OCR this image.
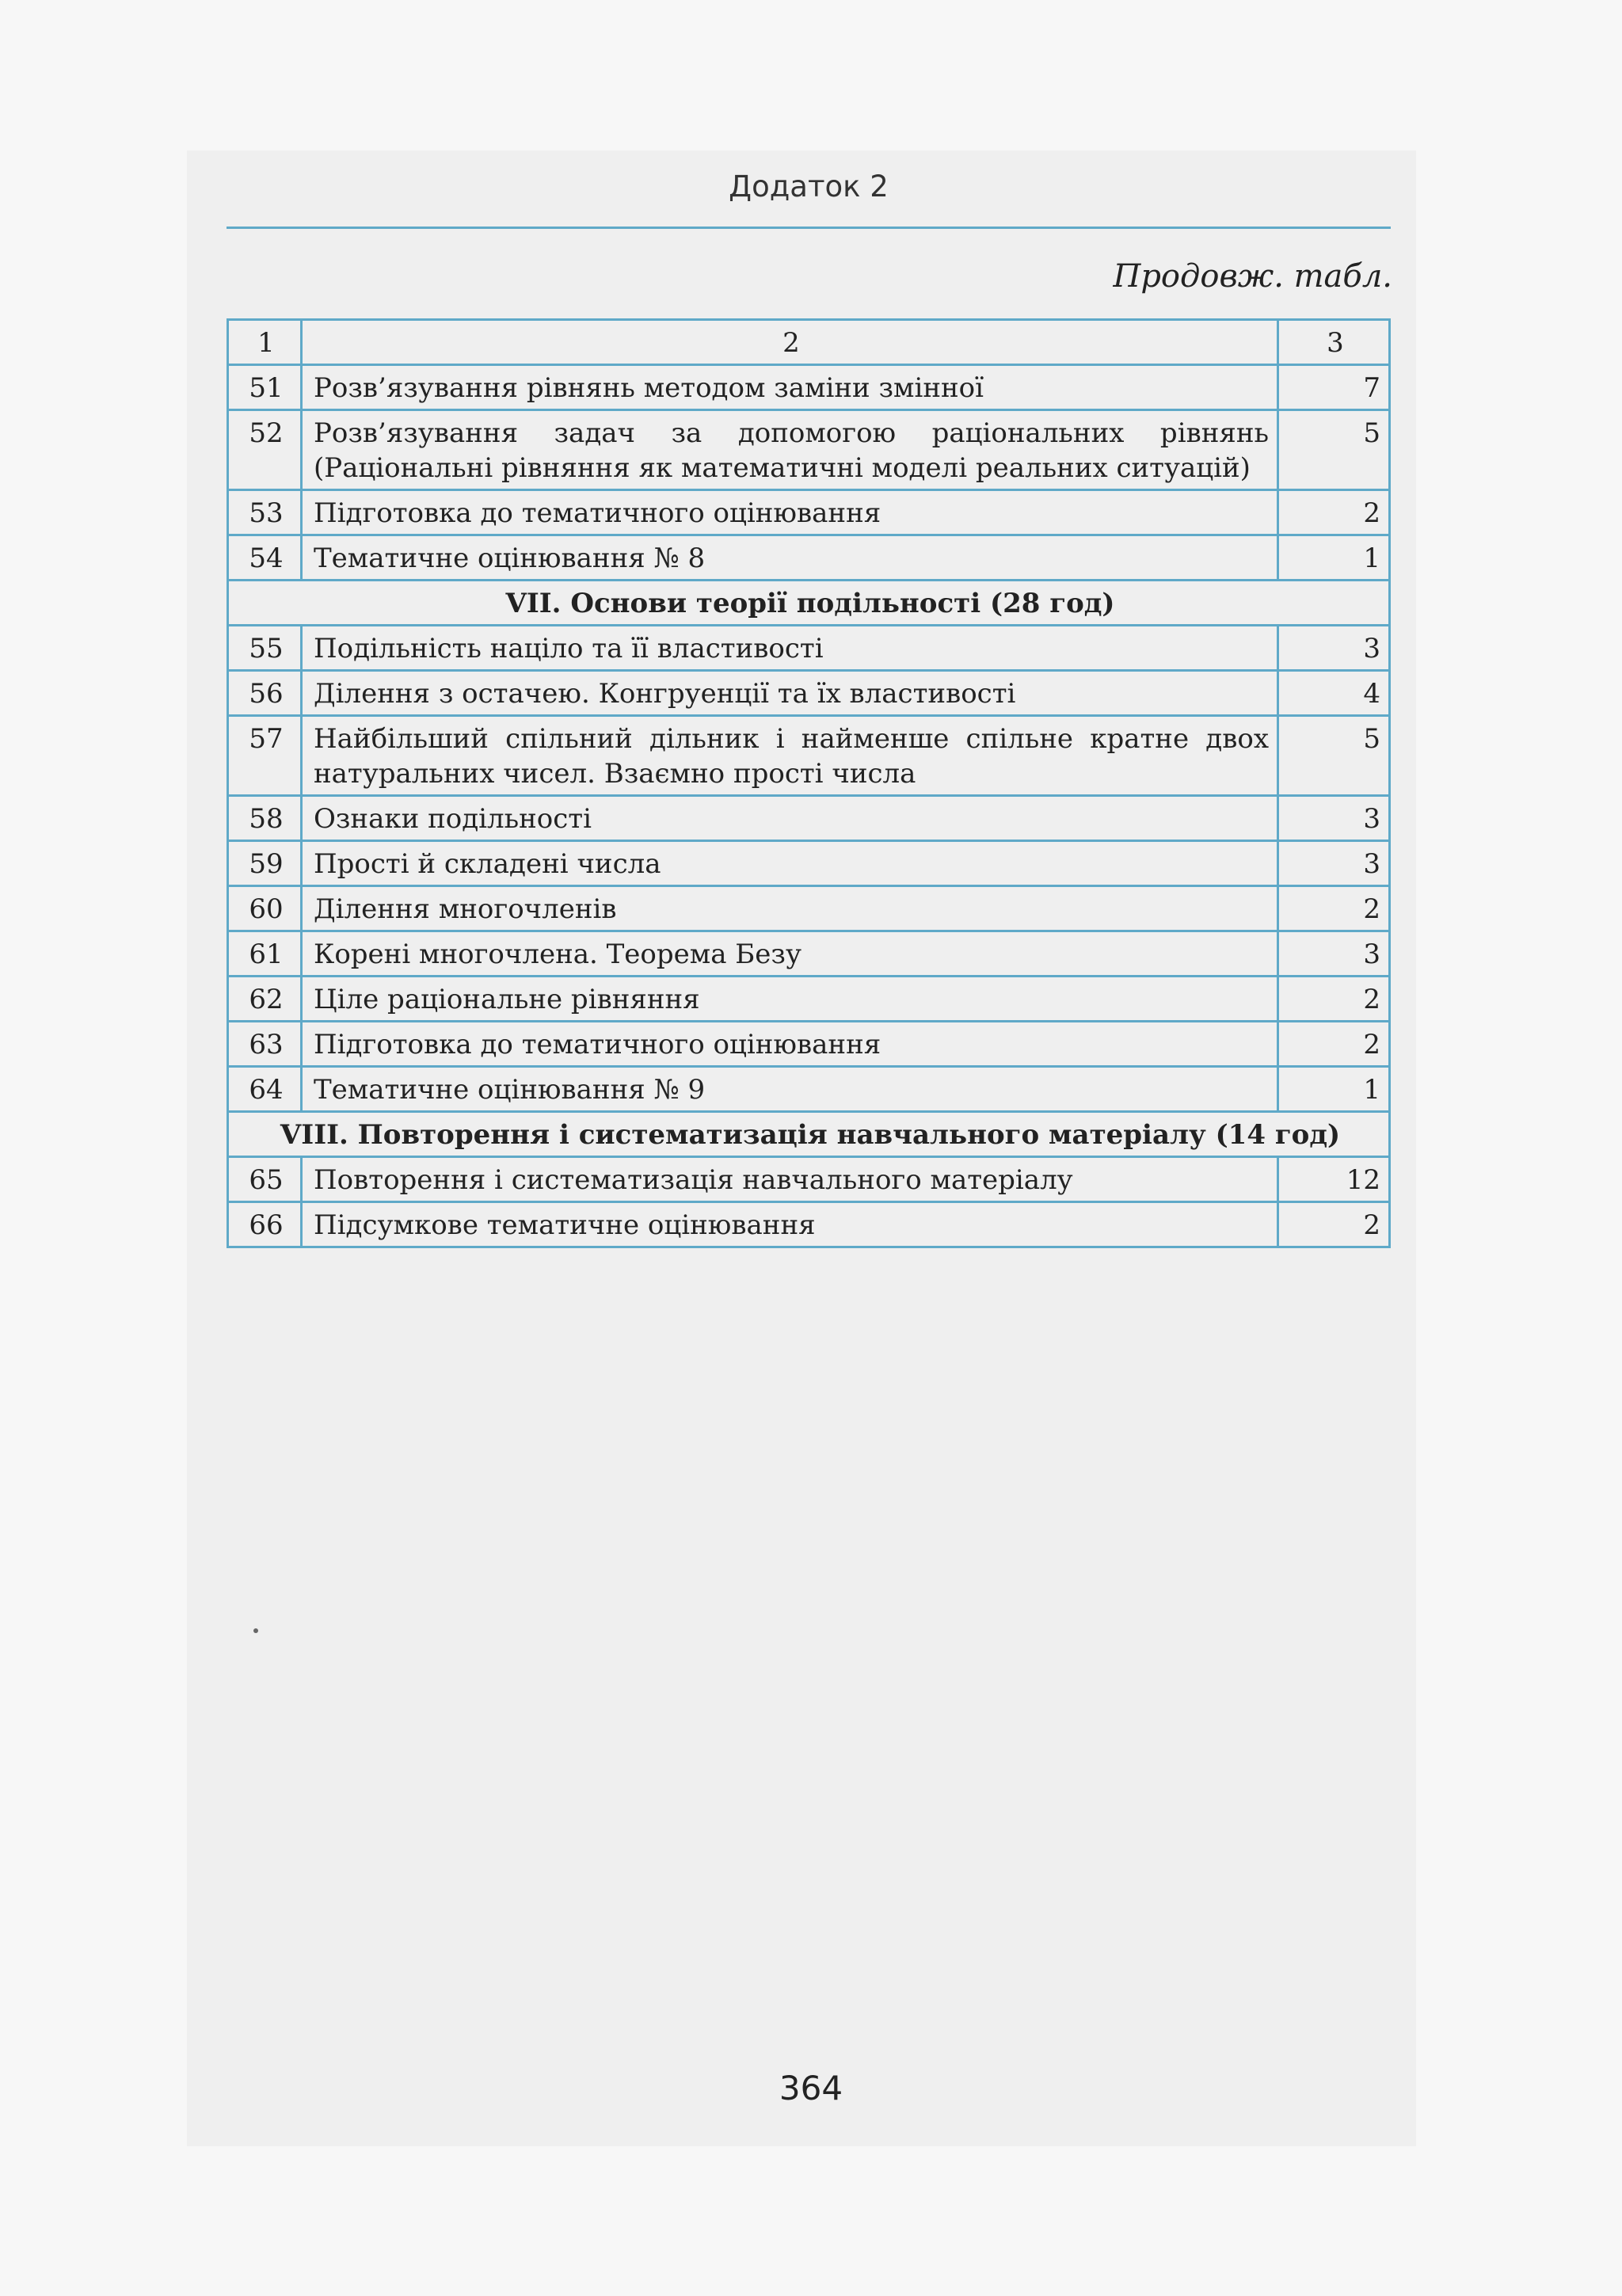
Додаток 2
Продовж. табл.
1	2	3
51	Розв’язування рівнянь методом заміни змінної	7
52	Розв’язування задач за допомогою раціональних рівнянь (Раціональні рівняння як математичні моделі реальних ситуацій)	5
53	Підготовка до тематичного оцінювання	2
54	Тематичне оцінювання № 8	1
VII. Основи теорії подільності (28 год)		
55	Подільність націло та її властивості	3
56	Ділення з остачею. Конгруенції та їх властивості	4
57	Найбільший спільний дільник і найменше спільне кратне двох натуральних чисел. Взаємно прості числа	5
58	Ознаки подільності	3
59	Прості й складені числа	3
60	Ділення многочленів	2
61	Корені многочлена. Теорема Безу	3
62	Ціле раціональне рівняння	2
63	Підготовка до тематичного оцінювання	2
64	Тематичне оцінювання № 9	1
VIII. Повторення і систематизація навчального матеріалу (14 год)		
65	Повторення і систематизація навчального матеріалу	12
66	Підсумкове тематичне оцінювання	2
364
